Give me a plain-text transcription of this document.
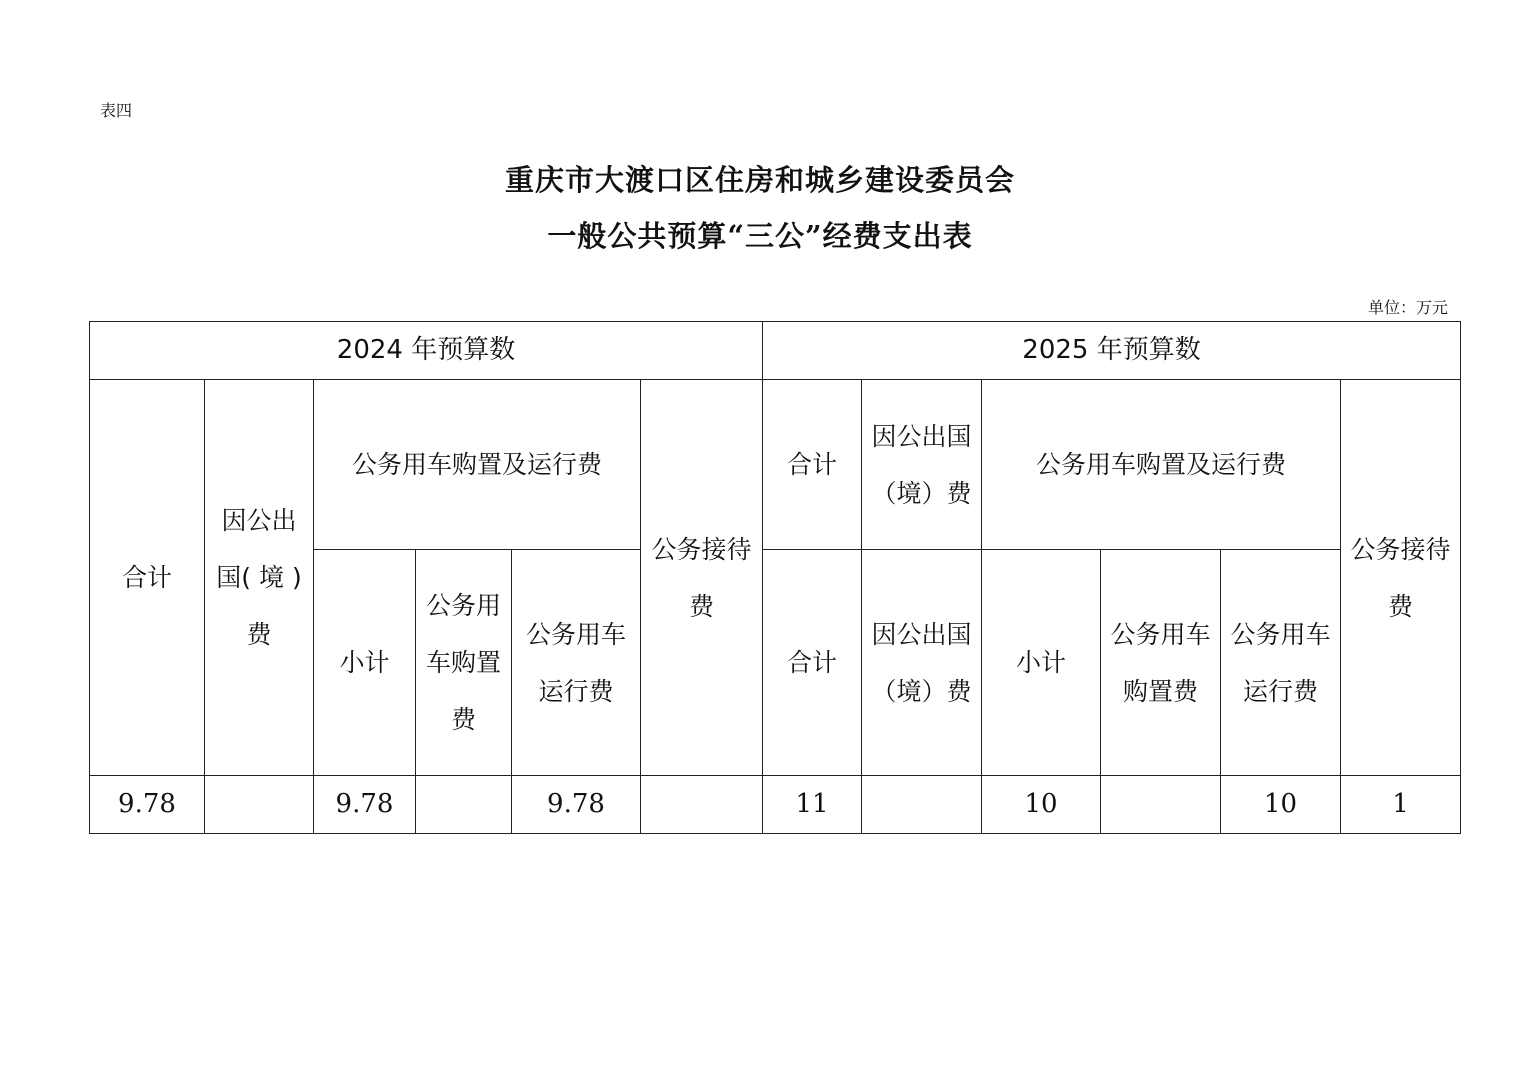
表四
重庆市大渡口区住房和城乡建设委员会
一般公共预算“三公”经费支出表
单位：万元
2024 年预算数						2025 年预算数					
合计	因公出国( 境 )费	公务用车购置及运行费			公务接待费	合计	因公出国（境）费	公务用车购置及运行费			公务接待费
		小计	公务用车购置费	公务用车运行费		合计	因公出国（境）费	小计	公务用车购置费	公务用车运行费	
9.78		9.78		9.78		11		10		10	1
